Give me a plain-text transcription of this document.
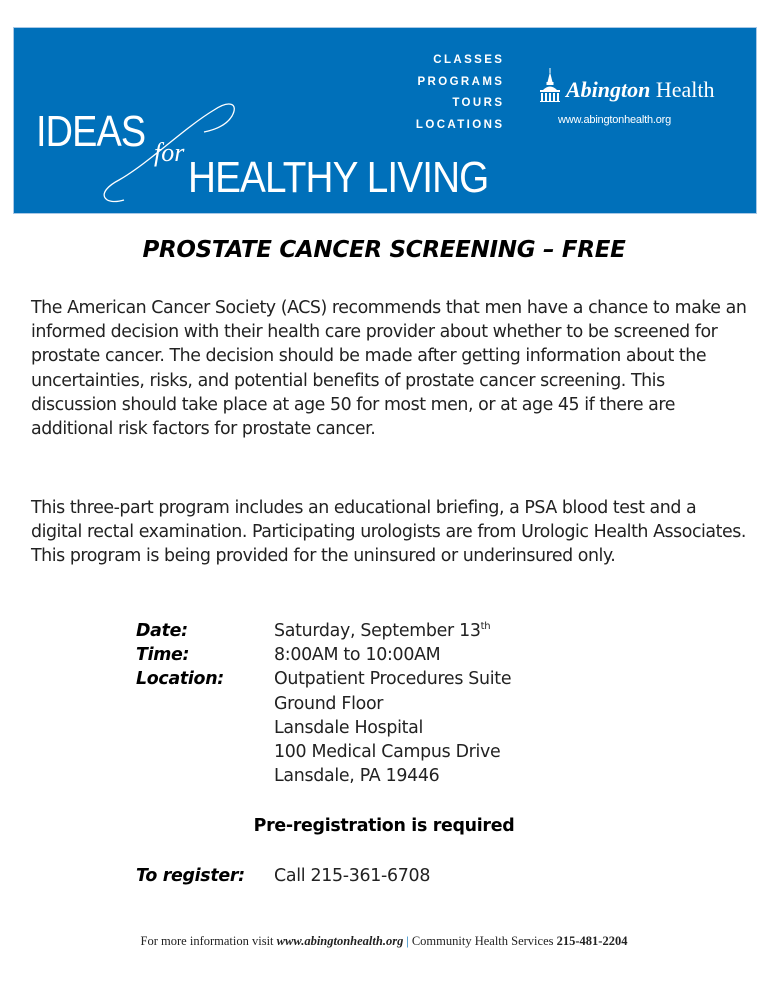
IDEAS for
HEALTHY LIVING
CLASSES
PROGRAMS
TOURS
LOCATIONS
Abington Health
www.abingtonhealth.org
PROSTATE CANCER SCREENING – FREE

The American Cancer Society (ACS) recommends that men have a chance to make an informed decision with their health care provider about whether to be screened for prostate cancer. The decision should be made after getting information about the uncertainties, risks, and potential benefits of prostate cancer screening. This discussion should take place at age 50 for most men, or at age 45 if there are additional risk factors for prostate cancer.

This three-part program includes an educational briefing, a PSA blood test and a digital rectal examination. Participating urologists are from Urologic Health Associates. This program is being provided for the uninsured or underinsured only.

Date:	Saturday, September 13th
Time:	8:00AM to 10:00AM
Location:	Outpatient Procedures Suite
Ground Floor
Lansdale Hospital
100 Medical Campus Drive
Lansdale, PA 19446
Pre-registration is required
To register:	Call 215-361-6708
For more information visit www.abingtonhealth.org | Community Health Services 215-481-2204
